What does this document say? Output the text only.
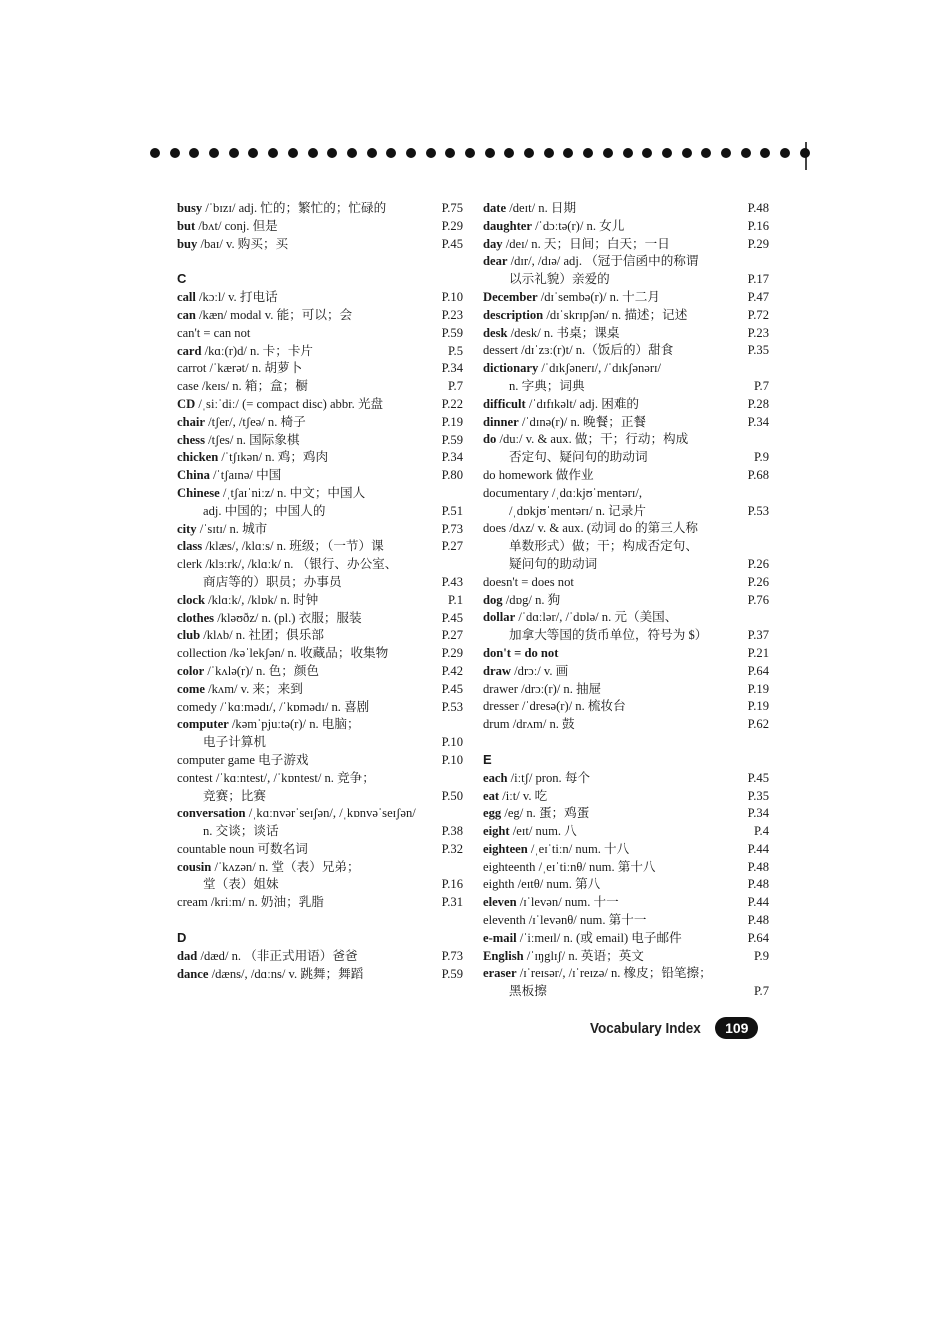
busy /ˈbɪzɪ/ adj. 忙的；繁忙的；忙碌的	P.75
but /bʌt/ conj. 但是	P.29
buy /baɪ/ v. 购买；买	P.45
C
call /kɔːl/ v. 打电话	P.10
can /kæn/ modal v. 能；可以；会	P.23
can't = can not	P.59
card /kɑː(r)d/ n. 卡；卡片	P.5
carrot /ˈkærət/ n. 胡萝卜	P.34
case /keɪs/ n. 箱；盒；橱	P.7
CD /ˌsiːˈdiː/ (= compact disc) abbr. 光盘	P.22
chair /tʃer/, /tʃeə/ n. 椅子	P.19
chess /tʃes/ n. 国际象棋	P.59
chicken /ˈtʃɪkən/ n. 鸡；鸡肉	P.34
China /ˈtʃaɪnə/ 中国	P.80
Chinese /ˌtʃaɪˈniːz/ n. 中文；中国人
adj. 中国的；中国人的	P.51
city /ˈsɪtɪ/ n. 城市	P.73
class /klæs/, /klɑːs/ n. 班级；（一节）课	P.27
clerk /klɜːrk/, /klɑːk/ n. （银行、办公室、
商店等的）职员；办事员	P.43
clock /klɑːk/, /klɒk/ n. 时钟	P.1
clothes /kləʊðz/ n. (pl.) 衣服；服装	P.45
club /klʌb/ n. 社团；俱乐部	P.27
collection /kəˈlekʃən/ n. 收藏品；收集物	P.29
color /ˈkʌlə(r)/ n. 色；颜色	P.42
come /kʌm/ v. 来；来到	P.45
comedy /ˈkɑːmədɪ/, /ˈkɒmədɪ/ n. 喜剧	P.53
computer /kəmˈpjuːtə(r)/ n. 电脑；
电子计算机	P.10
computer game 电子游戏	P.10
contest /ˈkɑːntest/, /ˈkɒntest/ n. 竞争；
竞赛；比赛	P.50
conversation /ˌkɑːnvərˈseɪʃən/, /ˌkɒnvəˈseɪʃən/
n. 交谈；谈话	P.38
countable noun 可数名词	P.32
cousin /ˈkʌzən/ n. 堂（表）兄弟；
堂（表）姐妹	P.16
cream /kriːm/ n. 奶油；乳脂	P.31
D
dad /dæd/ n. （非正式用语）爸爸	P.73
dance /dæns/, /dɑːns/ v. 跳舞；舞蹈	P.59
date /deɪt/ n. 日期	P.48
daughter /ˈdɔːtə(r)/ n. 女儿	P.16
day /deɪ/ n. 天；日间；白天；一日	P.29
dear /dɪr/, /dɪə/ adj. （冠于信函中的称谓
以示礼貌）亲爱的	P.17
December /dɪˈsembə(r)/ n. 十二月	P.47
description /dɪˈskrɪpʃən/ n. 描述；记述	P.72
desk /desk/ n. 书桌；课桌	P.23
dessert /dɪˈzɜː(r)t/ n.（饭后的）甜食	P.35
dictionary /ˈdɪkʃənerɪ/, /ˈdɪkʃənərɪ/
n. 字典；词典	P.7
difficult /ˈdɪfɪkəlt/ adj. 困难的	P.28
dinner /ˈdɪnə(r)/ n. 晚餐；正餐	P.34
do /duː/ v. & aux. 做；干；行动；构成
否定句、疑问句的助动词	P.9
do homework 做作业	P.68
documentary /ˌdɑːkjʊˈmentərɪ/,
/ˌdɒkjʊˈmentərɪ/ n. 记录片	P.53
does /dʌz/ v. & aux. (动词 do 的第三人称
单数形式）做；干；构成否定句、
疑问句的助动词	P.26
doesn't = does not	P.26
dog /dɒg/ n. 狗	P.76
dollar /ˈdɑːlər/, /ˈdɒlə/ n. 元（美国、
加拿大等国的货币单位，符号为 $）	P.37
don't = do not	P.21
draw /drɔː/ v. 画	P.64
drawer /drɔː(r)/ n. 抽屉	P.19
dresser /ˈdresə(r)/ n. 梳妆台	P.19
drum /drʌm/ n. 鼓	P.62
E
each /iːtʃ/ pron. 每个	P.45
eat /iːt/ v. 吃	P.35
egg /eg/ n. 蛋；鸡蛋	P.34
eight /eɪt/ num. 八	P.4
eighteen /ˌeɪˈtiːn/ num. 十八	P.44
eighteenth /ˌeɪˈtiːnθ/ num. 第十八	P.48
eighth /eɪtθ/ num. 第八	P.48
eleven /ɪˈlevən/ num. 十一	P.44
eleventh /ɪˈlevənθ/ num. 第十一	P.48
e-mail /ˈiːmeɪl/ n. (或 email) 电子邮件	P.64
English /ˈɪŋglɪʃ/ n. 英语；英文	P.9
eraser /ɪˈreɪsər/, /ɪˈreɪzə/ n. 橡皮；铅笔擦；
黑板擦	P.7
Vocabulary Index	109
